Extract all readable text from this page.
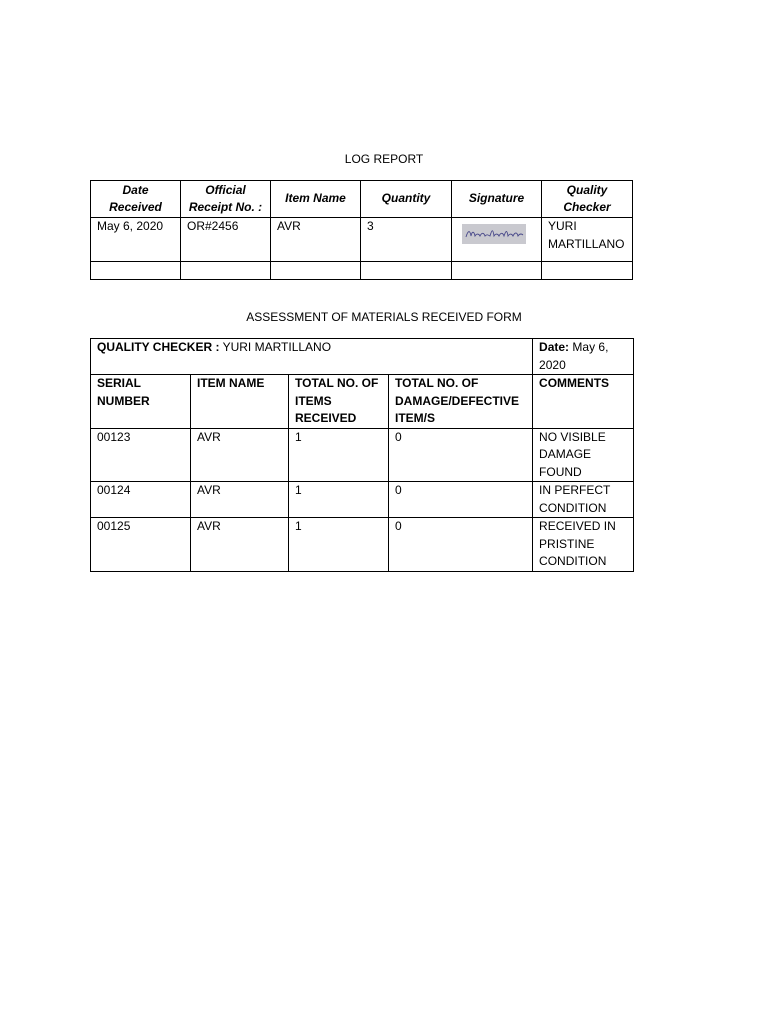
LOG REPORT
Date Received	Official Receipt No. :	Item Name	Quantity	Signature	Quality Checker
May 6, 2020	OR#2456	AVR	3		YURI MARTILLANO

ASSESSMENT OF MATERIALS RECEIVED FORM
QUALITY CHECKER : YURI MARTILLANO				Date: May 6, 2020
SERIAL NUMBER	ITEM NAME	TOTAL NO. OF ITEMS RECEIVED	TOTAL NO. OF DAMAGE/DEFECTIVE ITEM/S	COMMENTS
00123	AVR	1	0	NO VISIBLE DAMAGE FOUND
00124	AVR	1	0	IN PERFECT CONDITION
00125	AVR	1	0	RECEIVED IN PRISTINE CONDITION
